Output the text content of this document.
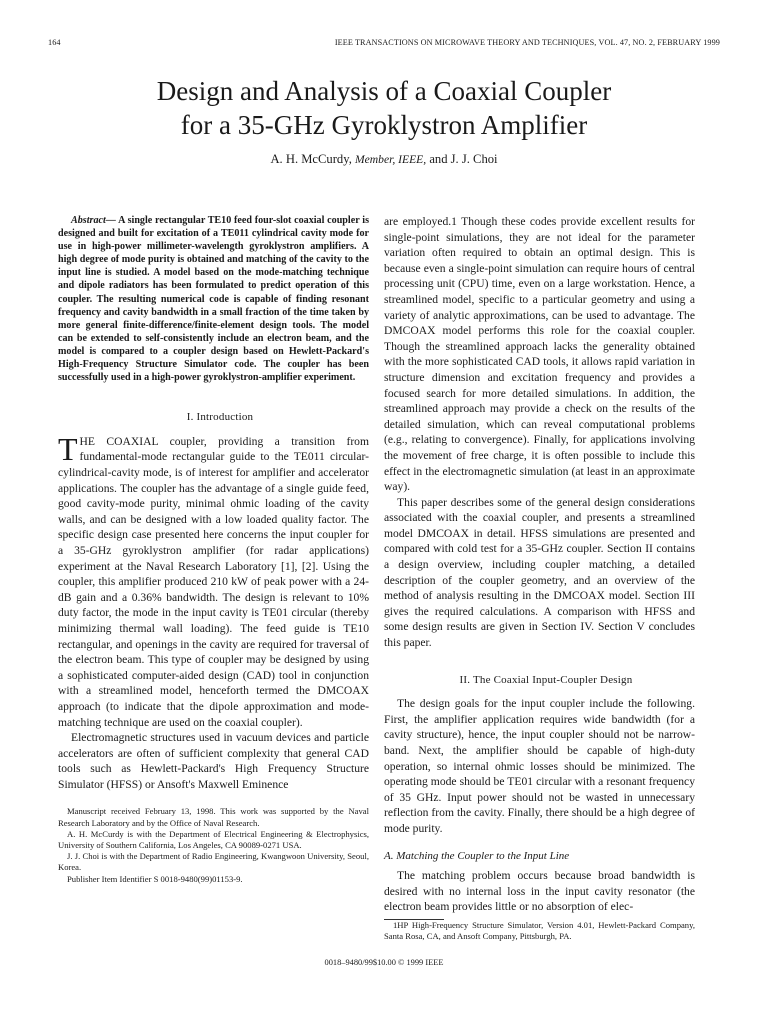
164	IEEE TRANSACTIONS ON MICROWAVE THEORY AND TECHNIQUES, VOL. 47, NO. 2, FEBRUARY 1999
Design and Analysis of a Coaxial Coupler
for a 35-GHz Gyroklystron Amplifier
A. H. McCurdy, Member, IEEE, and J. J. Choi
Abstract— A single rectangular TE10 feed four-slot coaxial coupler is designed and built for excitation of a TE011 cylindrical cavity mode for use in high-power millimeter-wavelength gyroklystron amplifiers. A high degree of mode purity is obtained and matching of the cavity to the input line is studied. A model based on the mode-matching technique and dipole radiators has been formulated to predict operation of this coupler. The resulting numerical code is capable of finding resonant frequency and cavity bandwidth in a small fraction of the time taken by more general finite-difference/finite-element design tools. The model can be extended to self-consistently include an electron beam, and the model is compared to a coupler design based on Hewlett-Packard's High-Frequency Structure Simulator code. The coupler has been successfully used in a high-power gyroklystron-amplifier experiment.

I. Introduction

THE COAXIAL coupler, providing a transition from fundamental-mode rectangular guide to the TE011 circular-cylindrical-cavity mode, is of interest for amplifier and accelerator applications. The coupler has the advantage of a single guide feed, good cavity-mode purity, minimal ohmic loading of the cavity walls, and can be designed with a low loaded quality factor. The specific design case presented here concerns the input coupler for a 35-GHz gyroklystron amplifier (for radar applications) experiment at the Naval Research Laboratory [1], [2]. Using the coupler, this amplifier produced 210 kW of peak power with a 24-dB gain and a 0.36% bandwidth. The design is relevant to 10% duty factor, the mode in the input cavity is TE01 circular (thereby minimizing thermal wall loading). The feed guide is TE10 rectangular, and openings in the cavity are required for traversal of the electron beam. This type of coupler may be designed by using a sophisticated computer-aided design (CAD) tool in conjunction with a streamlined model, henceforth termed the DMCOAX approach (to indicate that the dipole approximation and mode-matching technique are used on the coaxial coupler).

Electromagnetic structures used in vacuum devices and particle accelerators are often of sufficient complexity that general CAD tools such as Hewlett-Packard's High Frequency Structure Simulator (HFSS) or Ansoft's Maxwell Eminence

Manuscript received February 13, 1998. This work was supported by the Naval Research Laboratory and by the Office of Naval Research.

A. H. McCurdy is with the Department of Electrical Engineering & Electrophysics, University of Southern California, Los Angeles, CA 90089-0271 USA.

J. J. Choi is with the Department of Radio Engineering, Kwangwoon University, Seoul, Korea.

Publisher Item Identifier S 0018-9480(99)01153-9.

are employed.1 Though these codes provide excellent results for single-point simulations, they are not ideal for the parameter variation often required to obtain an optimal design. This is because even a single-point simulation can require hours of central processing unit (CPU) time, even on a large workstation. Hence, a streamlined model, specific to a particular geometry and using a variety of analytic approximations, can be used to advantage. The DMCOAX model performs this role for the coaxial coupler. Though the streamlined approach lacks the generality obtained with the more sophisticated CAD tools, it allows rapid variation in structure dimension and excitation frequency and provides a focused search for more detailed simulations. In addition, the streamlined approach may provide a check on the results of the detailed simulation, which can reveal computational problems (e.g., relating to convergence). Finally, for applications involving the movement of free charge, it is often possible to include this effect in the electromagnetic simulation (at least in an approximate way).

This paper describes some of the general design considerations associated with the coaxial coupler, and presents a streamlined model DMCOAX in detail. HFSS simulations are presented and compared with cold test for a 35-GHz coupler. Section II contains a design overview, including coupler matching, a detailed description of the coupler geometry, and an overview of the method of analysis resulting in the DMCOAX model. Section III gives the required calculations. A comparison with HFSS and some design results are given in Section IV. Section V concludes this paper.

II. The Coaxial Input-Coupler Design

The design goals for the input coupler include the following. First, the amplifier application requires wide bandwidth (for a cavity structure), hence, the input coupler should not be narrow-band. Next, the amplifier should be capable of high-duty operation, so internal ohmic losses should be minimized. The operating mode should be TE01 circular with a resonant frequency of 35 GHz. Input power should not be wasted in unnecessary reflection from the cavity. Finally, there should be a high degree of mode purity.

A. Matching the Coupler to the Input Line

The matching problem occurs because broad bandwidth is desired with no internal loss in the input cavity resonator (the electron beam provides little or no absorption of elec-

1HP High-Frequency Structure Simulator, Version 4.01, Hewlett-Packard Company, Santa Rosa, CA, and Ansoft Company, Pittsburgh, PA.

0018–9480/99$10.00 © 1999 IEEE
